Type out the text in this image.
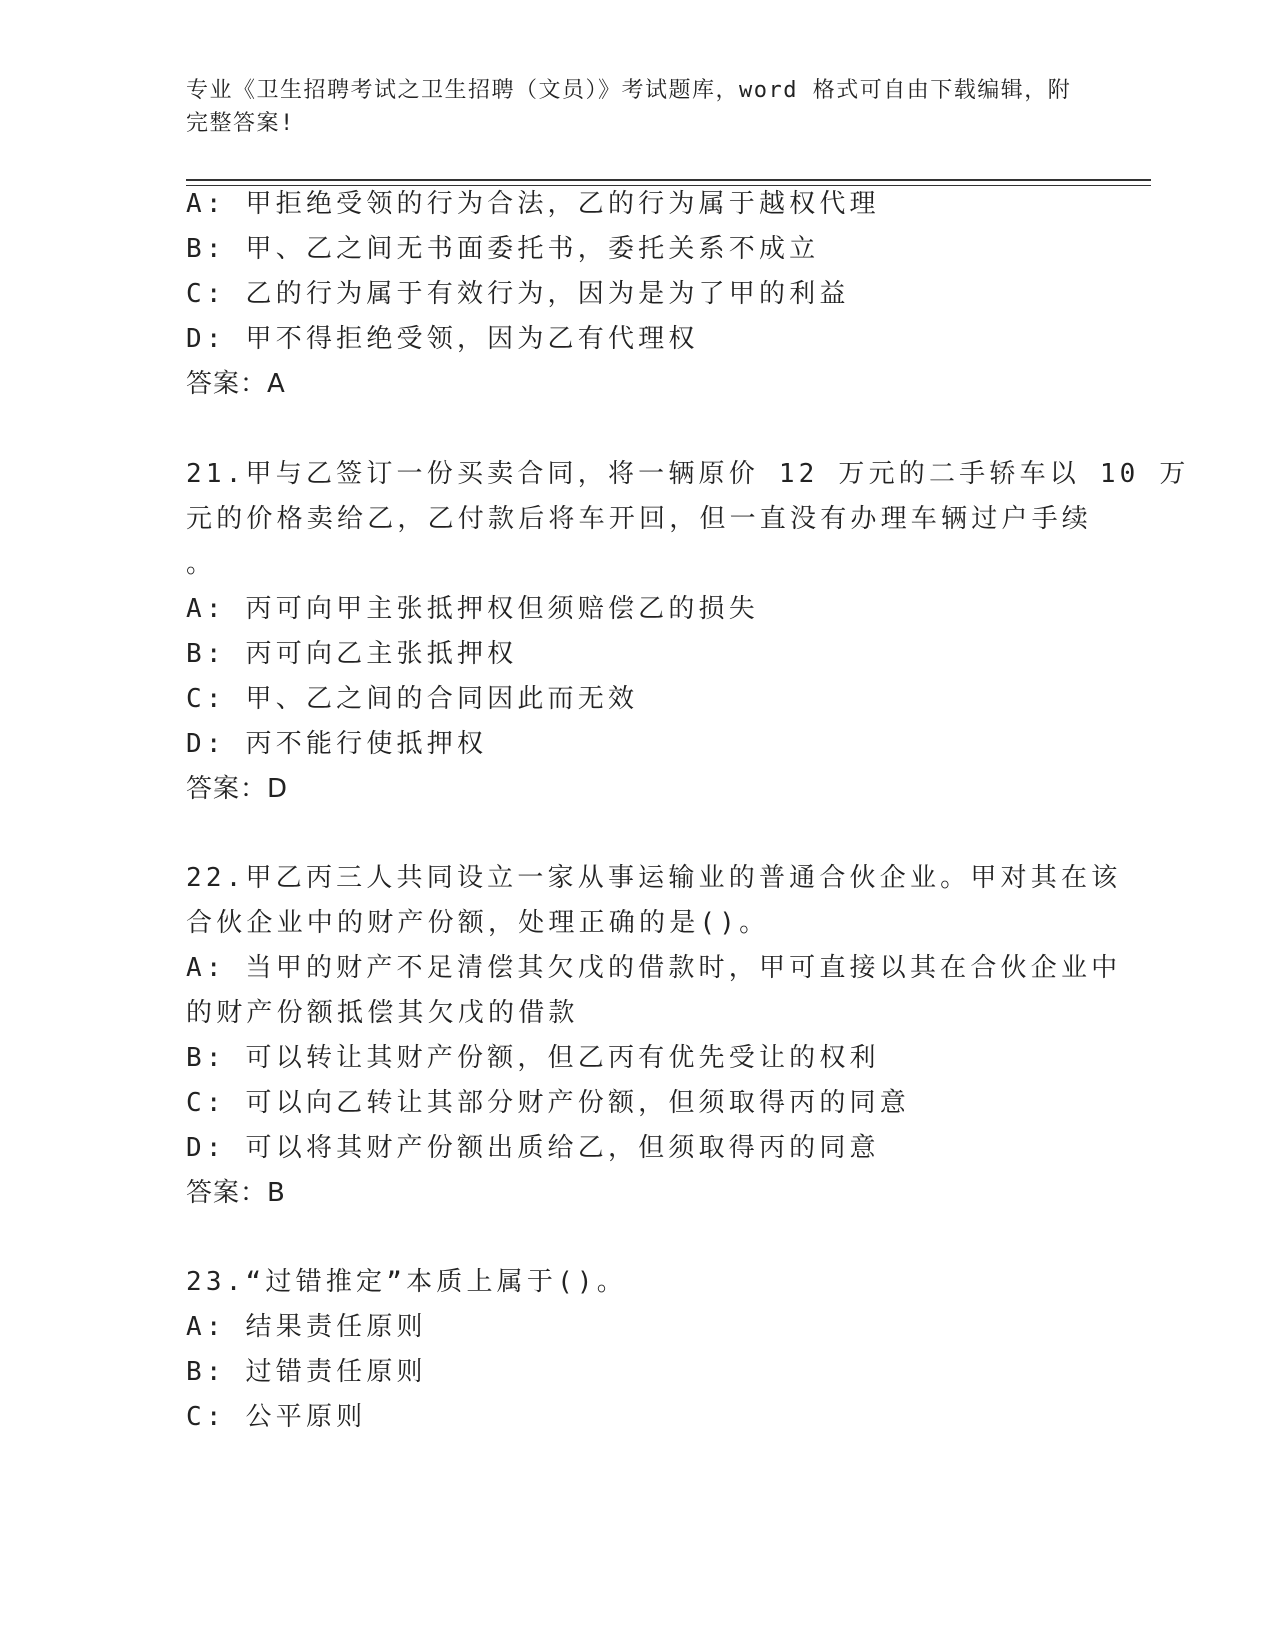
专业《卫生招聘考试之卫生招聘（文员）》考试题库，word 格式可自由下载编辑，附完整答案!
A: 甲拒绝受领的行为合法，乙的行为属于越权代理
B: 甲、乙之间无书面委托书，委托关系不成立
C: 乙的行为属于有效行为，因为是为了甲的利益
D: 甲不得拒绝受领，因为乙有代理权
答案：A
21.甲与乙签订一份买卖合同，将一辆原价 12 万元的二手轿车以 10 万
元的价格卖给乙，乙付款后将车开回，但一直没有办理车辆过户手续
。
A: 丙可向甲主张抵押权但须赔偿乙的损失
B: 丙可向乙主张抵押权
C: 甲、乙之间的合同因此而无效
D: 丙不能行使抵押权
答案：D
22.甲乙丙三人共同设立一家从事运输业的普通合伙企业。甲对其在该
合伙企业中的财产份额，处理正确的是()。
A: 当甲的财产不足清偿其欠戊的借款时，甲可直接以其在合伙企业中
的财产份额抵偿其欠戊的借款
B: 可以转让其财产份额，但乙丙有优先受让的权利
C: 可以向乙转让其部分财产份额，但须取得丙的同意
D: 可以将其财产份额出质给乙，但须取得丙的同意
答案：B
23.“过错推定”本质上属于()。
A: 结果责任原则
B: 过错责任原则
C: 公平原则
